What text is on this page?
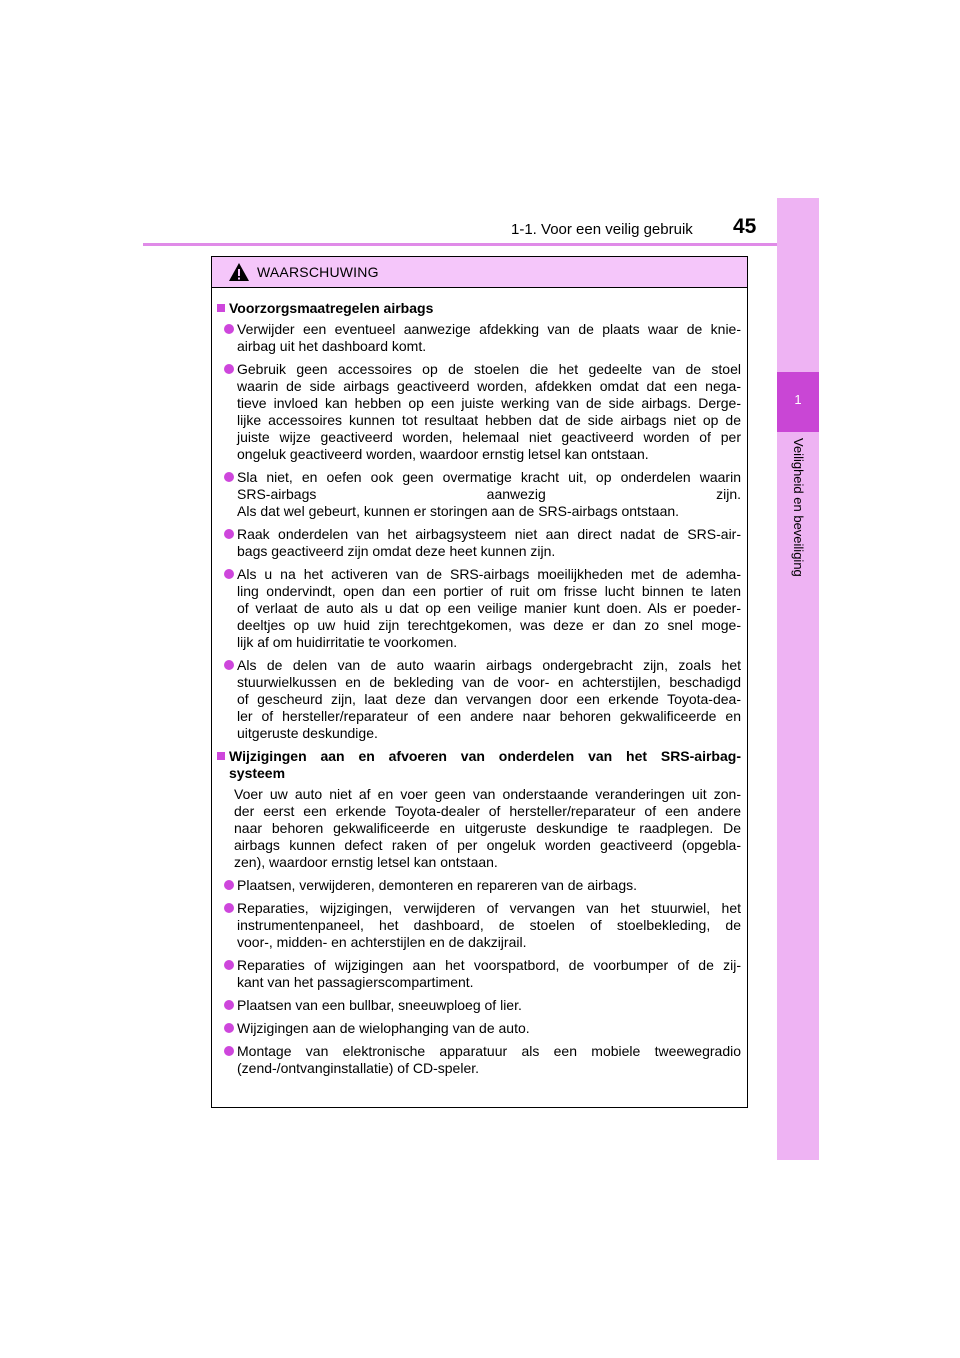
1-1. Voor een veilig gebruik 45
1
Veiligheid en beveiliging
WAARSCHUWING
Voorzorgsmaatregelen airbags
Verwijder een eventueel aanwezige afdekking van de plaats waar de knie-
airbag uit het dashboard komt.
Gebruik geen accessoires op de stoelen die het gedeelte van de stoel
waarin de side airbags geactiveerd worden, afdekken omdat dat een nega-
tieve invloed kan hebben op een juiste werking van de side airbags. Derge-
lijke accessoires kunnen tot resultaat hebben dat de side airbags niet op de
juiste wijze geactiveerd worden, helemaal niet geactiveerd worden of per
ongeluk geactiveerd worden, waardoor ernstig letsel kan ontstaan.
Sla niet, en oefen ook geen overmatige kracht uit, op onderdelen waarin
SRS-airbags aanwezig zijn.
Als dat wel gebeurt, kunnen er storingen aan de SRS-airbags ontstaan.
Raak onderdelen van het airbagsysteem niet aan direct nadat de SRS-air-
bags geactiveerd zijn omdat deze heet kunnen zijn.
Als u na het activeren van de SRS-airbags moeilijkheden met de ademha-
ling ondervindt, open dan een portier of ruit om frisse lucht binnen te laten
of verlaat de auto als u dat op een veilige manier kunt doen. Als er poeder-
deeltjes op uw huid zijn terechtgekomen, was deze er dan zo snel moge-
lijk af om huidirritatie te voorkomen.
Als de delen van de auto waarin airbags ondergebracht zijn, zoals het
stuurwielkussen en de bekleding van de voor- en achterstijlen, beschadigd
of gescheurd zijn, laat deze dan vervangen door een erkende Toyota-dea-
ler of hersteller/reparateur of een andere naar behoren gekwalificeerde en
uitgeruste deskundige.
Wijzigingen aan en afvoeren van onderdelen van het SRS-airbag-
systeem
Voer uw auto niet af en voer geen van onderstaande veranderingen uit zon-
der eerst een erkende Toyota-dealer of hersteller/reparateur of een andere
naar behoren gekwalificeerde en uitgeruste deskundige te raadplegen. De
airbags kunnen defect raken of per ongeluk worden geactiveerd (opgebla-
zen), waardoor ernstig letsel kan ontstaan.
Plaatsen, verwijderen, demonteren en repareren van de airbags.
Reparaties, wijzigingen, verwijderen of vervangen van het stuurwiel, het
instrumentenpaneel, het dashboard, de stoelen of stoelbekleding, de
voor-, midden- en achterstijlen en de dakzijrail.
Reparaties of wijzigingen aan het voorspatbord, de voorbumper of de zij-
kant van het passagierscompartiment.
Plaatsen van een bullbar, sneeuwploeg of lier.
Wijzigingen aan de wielophanging van de auto.
Montage van elektronische apparatuur als een mobiele tweewegradio
(zend-/ontvanginstallatie) of CD-speler.
